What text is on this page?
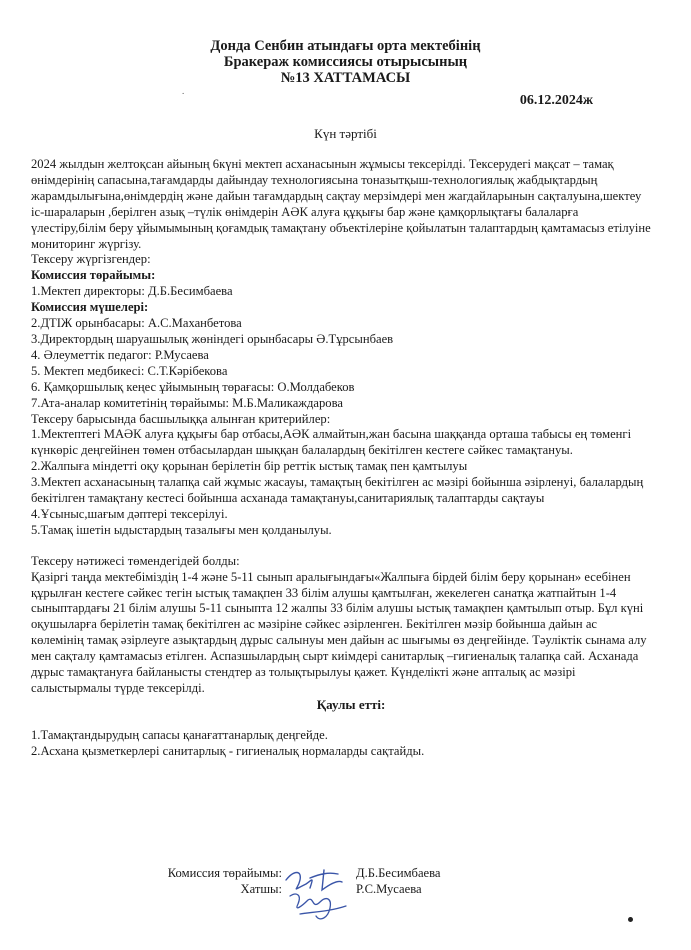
Донда Сенбин атындағы орта мектебінің
Бракераж комиссиясы отырысының
№13 ХАТТАМАСЫ
.
06.12.2024ж
Күн тәртібі

2024 жылдын желтоқсан айының 6күні мектеп асханасынын жұмысы тексерілді. Тексерудегі мақсат – тамақ өнімдерінің сапасына,тағамдарды дайындау технологиясына тоназытқыш-технологиялық жабдықтардың жарамдылығына,өнімдердің және дайын тағамдардың сақтау мерзімдері мен жагдайларынын сақталуына,шектеу іс-шараларын ,берілген азық –түлік өнімдерін АӘК алуға құқығы бар және қамқорлықтағы балаларға үлестіру,білім беру ұйымымының қоғамдық тамақтану объектілеріне қойылатын талаптардың қамтамасыз етілуіне мониторинг жүргізу.

Тексеру жүргізгендер:

Комиссия төрайымы:

1.Мектеп директоры: Д.Б.Бесимбаева

Комиссия мүшелері:

2.ДТІЖ орынбасары: А.С.Маханбетова

3.Директордың шаруашылық жөніндегі орынбасары Ә.Тұрсынбаев

4. Әлеуметтік педагог: Р.Мусаева

5. Мектеп медбикесі: С.Т.Кәрібекова

6. Қамқоршылық кеңес ұйымының төрағасы: О.Молдабеков

7.Ата-аналар комитетінің төрайымы: М.Б.Маликаждарова

Тексеру барысында басшылыққа алынған критерийлер:

1.Мектептегі МАӘК алуға құқығы бар отбасы,АӘК алмайтын,жан басына шаққанда орташа табысы ең төменгі күнкөріс деңгейінен төмен отбасылардан шыққан балалардың бекітілген кестеге сәйкес тамақтануы.

2.Жалпыға міндетті оқу қорынан берілетін бір реттік ыстық тамақ пен қамтылуы

3.Мектеп асханасының талапқа сай жұмыс жасауы, тамақтың бекітілген ас мәзірі бойынша әзірленуі, балалардың бекітілген тамақтану кестесі бойынша асханада тамақтануы,санитариялық талаптарды сақтауы

4.Ұсыныс,шағым дәптері тексерілуі.

5.Тамақ ішетін ыдыстардың тазалығы мен қолданылуы.

Тексеру нәтижесі төмендегідей болды:

Қазіргі таңда мектебіміздің 1-4 және 5-11 сынып аралығындағы«Жалпыға бірдей білім беру қорынан» есебінен құрылған кестеге сәйкес тегін ыстық тамақпен 33 білім алушы қамтылған, жекелеген санатқа жатпайтын 1-4 сыныптардағы 21 білім алушы 5-11 сыныпта 12 жалпы 33 білім алушы ыстық тамақпен қамтылып отыр. Бұл күні оқушыларға берілетін тамақ бекітілген ас мәзіріне сәйкес әзірленген. Бекітілген мәзір бойынша дайын ас көлемінің тамақ әзірлеуге азықтардың дұрыс салынуы мен дайын ас шығымы өз деңгейінде. Тәуліктік сынама алу мен сақталу қамтамасыз етілген. Аспазшылардың сырт киімдері санитарлық –гигиеналық талапқа сай. Асханада дұрыс тамақтануға байланысты стендтер аз толықтырылуы қажет. Күнделікті және апталық ас мәзірі салыстырмалы түрде тексерілді.

Қаулы етті:

1.Тамақтандырудың сапасы қанағаттанарлық деңгейде.

2.Асхана қызметкерлері санитарлық - гигиеналық нормаларды сақтайды.

Комиссия төрайымы:	Д.Б.Бесимбаева
Хатшы:	Р.С.Мусаева
